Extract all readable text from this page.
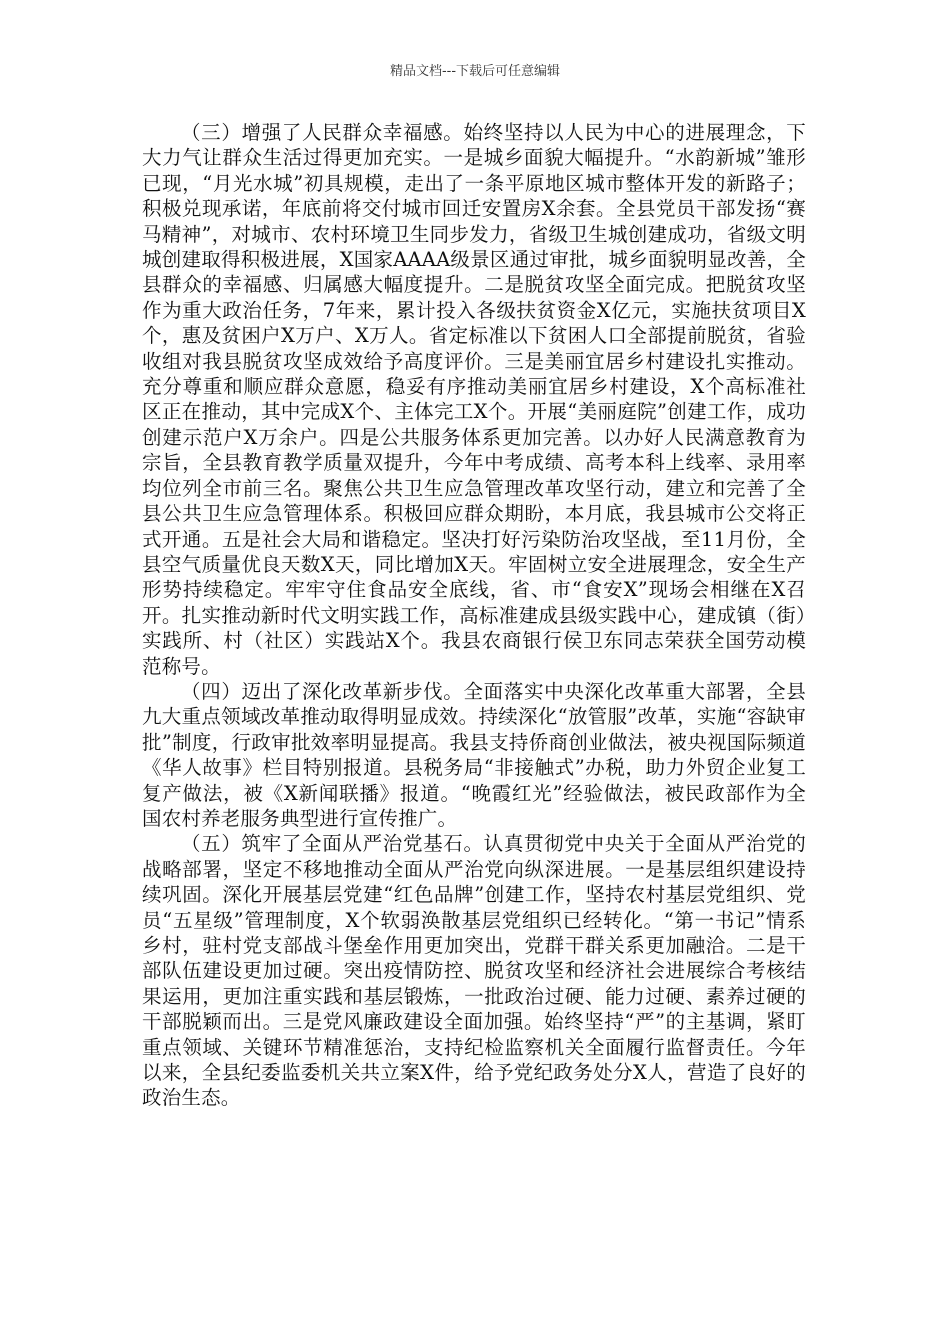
精品文档---下载后可任意编辑

（三）增强了人民群众幸福感。始终坚持以人民为中心的进展理念，下大力气让群众生活过得更加充实。一是城乡面貌大幅提升。“水韵新城”雏形已现，“月光水城”初具规模，走出了一条平原地区城市整体开发的新路子；积极兑现承诺，年底前将交付城市回迁安置房X余套。全县党员干部发扬“赛马精神”，对城市、农村环境卫生同步发力，省级卫生城创建成功，省级文明城创建取得积极进展，X国家AAAA级景区通过审批，城乡面貌明显改善，全县群众的幸福感、归属感大幅度提升。二是脱贫攻坚全面完成。把脱贫攻坚作为重大政治任务，7年来，累计投入各级扶贫资金X亿元，实施扶贫项目X个，惠及贫困户X万户、X万人。省定标准以下贫困人口全部提前脱贫，省验收组对我县脱贫攻坚成效给予高度评价。三是美丽宜居乡村建设扎实推动。充分尊重和顺应群众意愿，稳妥有序推动美丽宜居乡村建设，X个高标准社区正在推动，其中完成X个、主体完工X个。开展“美丽庭院”创建工作，成功创建示范户X万余户。四是公共服务体系更加完善。以办好人民满意教育为宗旨，全县教育教学质量双提升，今年中考成绩、高考本科上线率、录用率均位列全市前三名。聚焦公共卫生应急管理改革攻坚行动，建立和完善了全县公共卫生应急管理体系。积极回应群众期盼，本月底，我县城市公交将正式开通。五是社会大局和谐稳定。坚决打好污染防治攻坚战，至11月份，全县空气质量优良天数X天，同比增加X天。牢固树立安全进展理念，安全生产形势持续稳定。牢牢守住食品安全底线，省、市“食安X”现场会相继在X召开。扎实推动新时代文明实践工作，高标准建成县级实践中心，建成镇（街）实践所、村（社区）实践站X个。我县农商银行侯卫东同志荣获全国劳动模范称号。

（四）迈出了深化改革新步伐。全面落实中央深化改革重大部署，全县九大重点领域改革推动取得明显成效。持续深化“放管服”改革，实施“容缺审批”制度，行政审批效率明显提高。我县支持侨商创业做法，被央视国际频道《华人故事》栏目特别报道。县税务局“非接触式”办税，助力外贸企业复工复产做法，被《X新闻联播》报道。“晚霞红光”经验做法，被民政部作为全国农村养老服务典型进行宣传推广。

（五）筑牢了全面从严治党基石。认真贯彻党中央关于全面从严治党的战略部署，坚定不移地推动全面从严治党向纵深进展。一是基层组织建设持续巩固。深化开展基层党建“红色品牌”创建工作，坚持农村基层党组织、党员“五星级”管理制度，X个软弱涣散基层党组织已经转化。“第一书记”情系乡村，驻村党支部战斗堡垒作用更加突出，党群干群关系更加融洽。二是干部队伍建设更加过硬。突出疫情防控、脱贫攻坚和经济社会进展综合考核结果运用，更加注重实践和基层锻炼，一批政治过硬、能力过硬、素养过硬的干部脱颖而出。三是党风廉政建设全面加强。始终坚持“严”的主基调，紧盯重点领域、关键环节精准惩治，支持纪检监察机关全面履行监督责任。今年以来，全县纪委监委机关共立案X件，给予党纪政务处分X人，营造了良好的政治生态。
